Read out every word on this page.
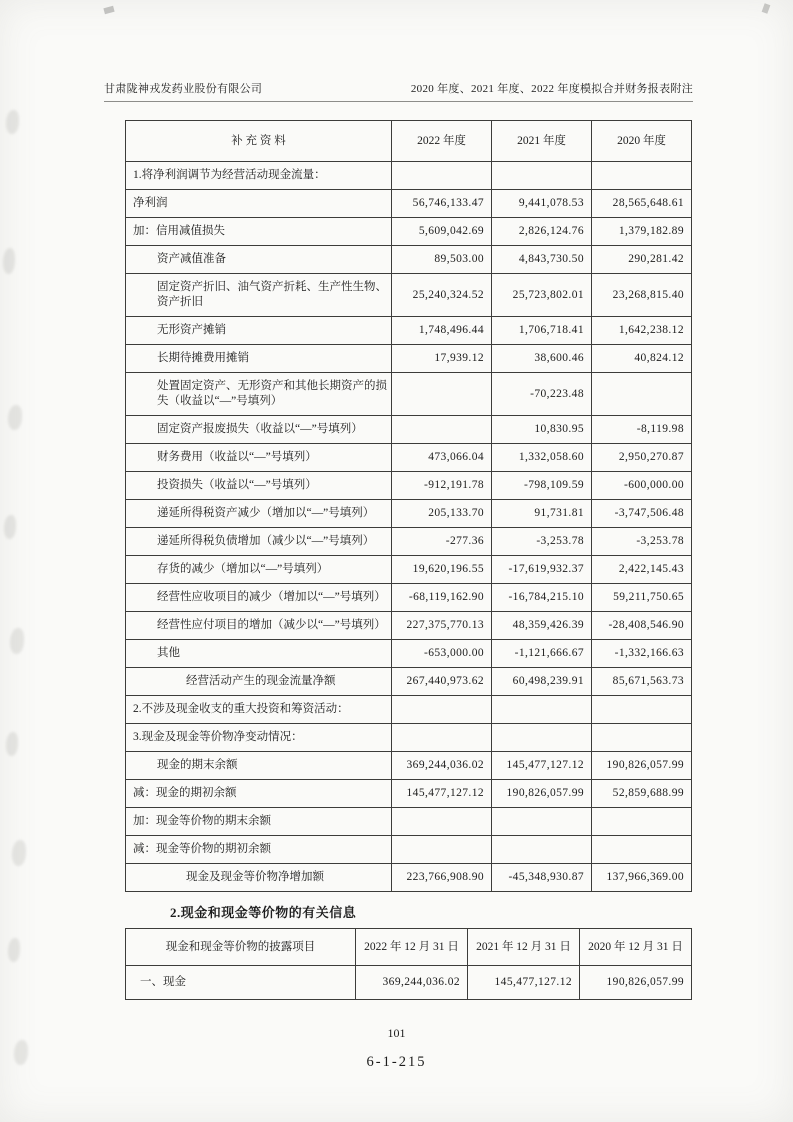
甘肃陇神戎发药业股份有限公司	2020 年度、2021 年度、2022 年度模拟合并财务报表附注
补 充 资 料	2022 年度	2021 年度	2020 年度
1.将净利润调节为经营活动现金流量：			
净利润	56,746,133.47	9,441,078.53	28,565,648.61
加：信用减值损失	5,609,042.69	2,826,124.76	1,379,182.89
资产减值准备	89,503.00	4,843,730.50	290,281.42
固定资产折旧、油气资产折耗、生产性生物、资产折旧	25,240,324.52	25,723,802.01	23,268,815.40
无形资产摊销	1,748,496.44	1,706,718.41	1,642,238.12
长期待摊费用摊销	17,939.12	38,600.46	40,824.12
处置固定资产、无形资产和其他长期资产的损失（收益以“—”号填列）		-70,223.48	
固定资产报废损失（收益以“—”号填列）		10,830.95	-8,119.98
财务费用（收益以“—”号填列）	473,066.04	1,332,058.60	2,950,270.87
投资损失（收益以“—”号填列）	-912,191.78	-798,109.59	-600,000.00
递延所得税资产减少（增加以“—”号填列）	205,133.70	91,731.81	-3,747,506.48
递延所得税负债增加（减少以“—”号填列）	-277.36	-3,253.78	-3,253.78
存货的减少（增加以“—”号填列）	19,620,196.55	-17,619,932.37	2,422,145.43
经营性应收项目的减少（增加以“—”号填列）	-68,119,162.90	-16,784,215.10	59,211,750.65
经营性应付项目的增加（减少以“—”号填列）	227,375,770.13	48,359,426.39	-28,408,546.90
其他	-653,000.00	-1,121,666.67	-1,332,166.63
经营活动产生的现金流量净额	267,440,973.62	60,498,239.91	85,671,563.73
2.不涉及现金收支的重大投资和筹资活动：			
3.现金及现金等价物净变动情况：			
现金的期末余额	369,244,036.02	145,477,127.12	190,826,057.99
减：现金的期初余额	145,477,127.12	190,826,057.99	52,859,688.99
加：现金等价物的期末余额			
减：现金等价物的期初余额			
现金及现金等价物净增加额	223,766,908.90	-45,348,930.87	137,966,369.00
2.现金和现金等价物的有关信息
现金和现金等价物的披露项目	2022 年 12 月 31 日	2021 年 12 月 31 日	2020 年 12 月 31 日
一、现金	369,244,036.02	145,477,127.12	190,826,057.99
101
6-1-215
